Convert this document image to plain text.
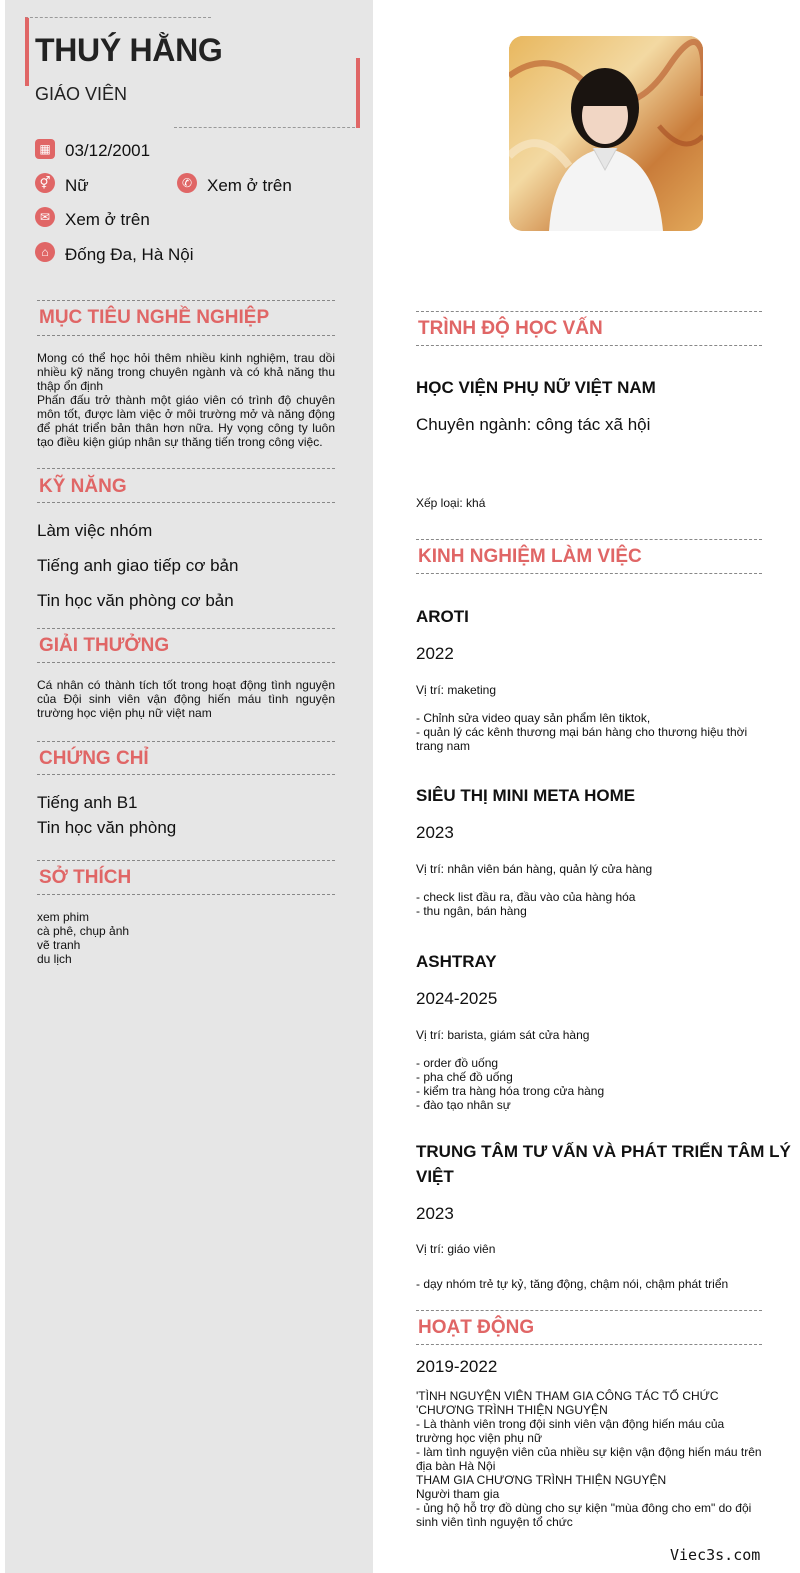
THUÝ HẰNG
GIÁO VIÊN
▦ 03/12/2001
⚥ Nữ	✆ Xem ở trên
✉ Xem ở trên
⌂ Đống Đa, Hà Nội
MỤC TIÊU NGHỀ NGHIỆP
Mong có thể học hỏi thêm nhiều kinh nghiệm, trau dồi nhiều kỹ năng trong chuyên ngành và có khả năng thu thập ổn định
Phấn đấu trở thành một giáo viên có trình độ chuyên môn tốt, được làm việc ở môi trường mở và năng động để phát triển bản thân hơn nữa. Hy vọng công ty luôn tạo điều kiện giúp nhân sự thăng tiến trong công việc.
KỸ NĂNG
Làm việc nhóm
Tiếng anh giao tiếp cơ bản
Tin học văn phòng cơ bản
GIẢI THƯỞNG
Cá nhân có thành tích tốt trong hoạt động tình nguyện của Đội sinh viên vận động hiến máu tình nguyện trường học viện phụ nữ việt nam
CHỨNG CHỈ
Tiếng anh B1
Tin học văn phòng
SỞ THÍCH
xem phim
cà phê, chụp ảnh
vẽ tranh
du lịch
TRÌNH ĐỘ HỌC VẤN
HỌC VIỆN PHỤ NỮ VIỆT NAM
Chuyên ngành: công tác xã hội
Xếp loại: khá
KINH NGHIỆM LÀM VIỆC
AROTI
2022
Vị trí: maketing
- Chỉnh sửa video quay sản phẩm lên tiktok,
- quản lý các kênh thương mại bán hàng cho thương hiệu thời trang nam
SIÊU THỊ MINI META HOME
2023
Vị trí: nhân viên bán hàng, quản lý cửa hàng
- check list đầu ra, đầu vào của hàng hóa
- thu ngân, bán hàng
ASHTRAY
2024-2025
Vị trí: barista, giám sát cửa hàng
- order đồ uống
- pha chế đồ uống
- kiểm tra hàng hóa trong cửa hàng
- đào tạo nhân sự
TRUNG TÂM TƯ VẤN VÀ PHÁT TRIỂN TÂM LÝ
VIỆT
2023
Vị trí: giáo viên
- dạy nhóm trẻ tự kỷ, tăng động, chậm nói, chậm phát triển
HOẠT ĐỘNG
2019-2022
'TÌNH NGUYỆN VIÊN THAM GIA CÔNG TÁC TỔ CHỨC
'CHƯƠNG TRÌNH THIỆN NGUYỆN
- Là thành viên trong đội sinh viên vận động hiến máu của
trường học viện phụ nữ
- làm tình nguyện viên của nhiều sự kiện vận động hiến máu trên
địa bàn Hà Nội
THAM GIA CHƯƠNG TRÌNH THIỆN NGUYỆN
Người tham gia
- ủng hộ hỗ trợ đồ dùng cho sự kiện "mùa đông cho em" do đội
sinh viên tình nguyện tổ chức
Viec3s.com
